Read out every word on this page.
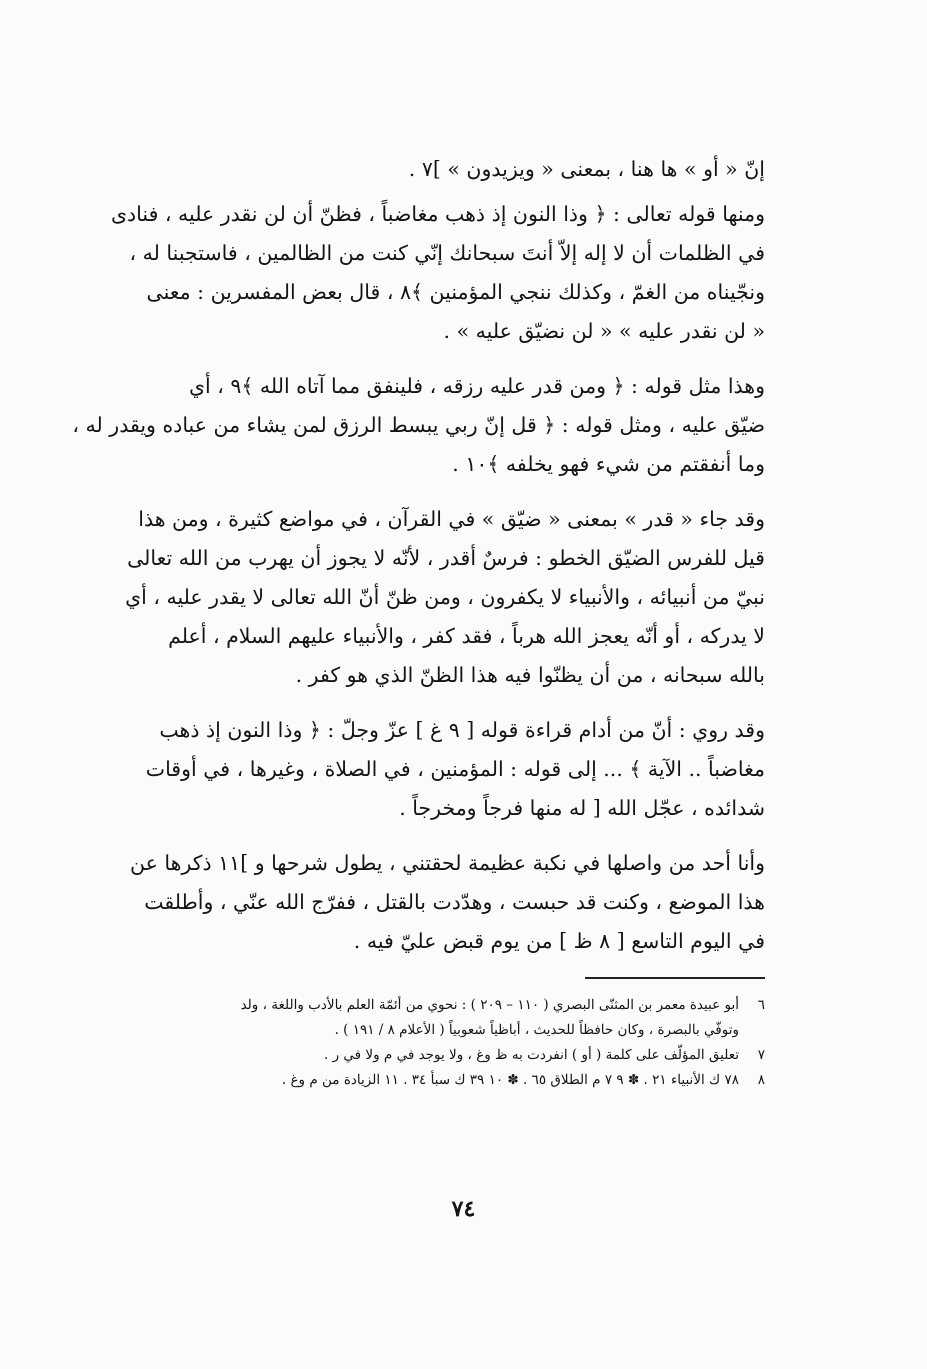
إنّ « أو » ها هنا ، بمعنى « ويزيدون » ]٧ .
ومنها قوله تعالى : ﴿ وذا النون إذ ذهب مغاضباً ، فظنّ أن لن نقدر عليه ، فنادى
في الظلمات أن لا إله إلاّ أنتَ سبحانك إنّي كنت من الظالمين ، فاستجبنا له ،
ونجّيناه من الغمّ ، وكذلك ننجي المؤمنين ﴾٨ ، قال بعض المفسرين : معنى
« لن نقدر عليه » « لن نضيّق عليه » .
وهذا مثل قوله : ﴿ ومن قدر عليه رزقه ، فلينفق مما آتاه الله ﴾٩ ، أي
ضيّق عليه ، ومثل قوله : ﴿ قل إنّ ربي يبسط الرزق لمن يشاء من عباده ويقدر له ،
وما أنفقتم من شيء فهو يخلفه ﴾١٠ .
وقد جاء « قدر » بمعنى « ضيّق » في القرآن ، في مواضع كثيرة ، ومن هذا
قيل للفرس الضيّق الخطو : فرسٌ أقدر ، لأنّه لا يجوز أن يهرب من الله تعالى
نبيّ من أنبيائه ، والأنبياء لا يكفرون ، ومن ظنّ أنّ الله تعالى لا يقدر عليه ، أي
لا يدركه ، أو أنّه يعجز الله هرباً ، فقد كفر ، والأنبياء عليهم السلام ، أعلم
بالله سبحانه ، من أن يظنّوا فيه هذا الظنّ الذي هو كفر .
وقد روي : أنّ من أدام قراءة قوله [ ٩ غ ] عزّ وجلّ : ﴿ وذا النون إذ ذهب
مغاضباً .. الآية ﴾ ... إلى قوله : المؤمنين ، في الصلاة ، وغيرها ، في أوقات
شدائده ، عجّل الله [ له منها فرجاً ومخرجاً .
وأنا أحد من واصلها في نكبة عظيمة لحقتني ، يطول شرحها و ]١١ ذكرها عن
هذا الموضع ، وكنت قد حبست ، وهدّدت بالقتل ، ففرّج الله عنّي ، وأطلقت
في اليوم التاسع [ ٨ ظ ] من يوم قبض عليّ فيه .
٦
أبو عبيدة معمر بن المثنّى البصري ( ١١٠ – ٢٠٩ ) : نحوي من أئمّة العلم بالأدب واللغة ، ولد
وتوفّي بالبصرة ، وكان حافظاً للحديث ، أباظياً شعوبياً ( الأعلام ٨ / ١٩١ ) .
٧
تعليق المؤلّف على كلمة ( أو ) انفردت به ظ وغ ، ولا يوجد في م ولا في ر .
٨
٧٨ ك الأنبياء ٢١ . ✽ ٩ ٧ م الطلاق ٦٥ . ✽ ١٠ ٣٩ ك سبأ ٣٤ . ١١ الزيادة من م وغ .
٧٤
